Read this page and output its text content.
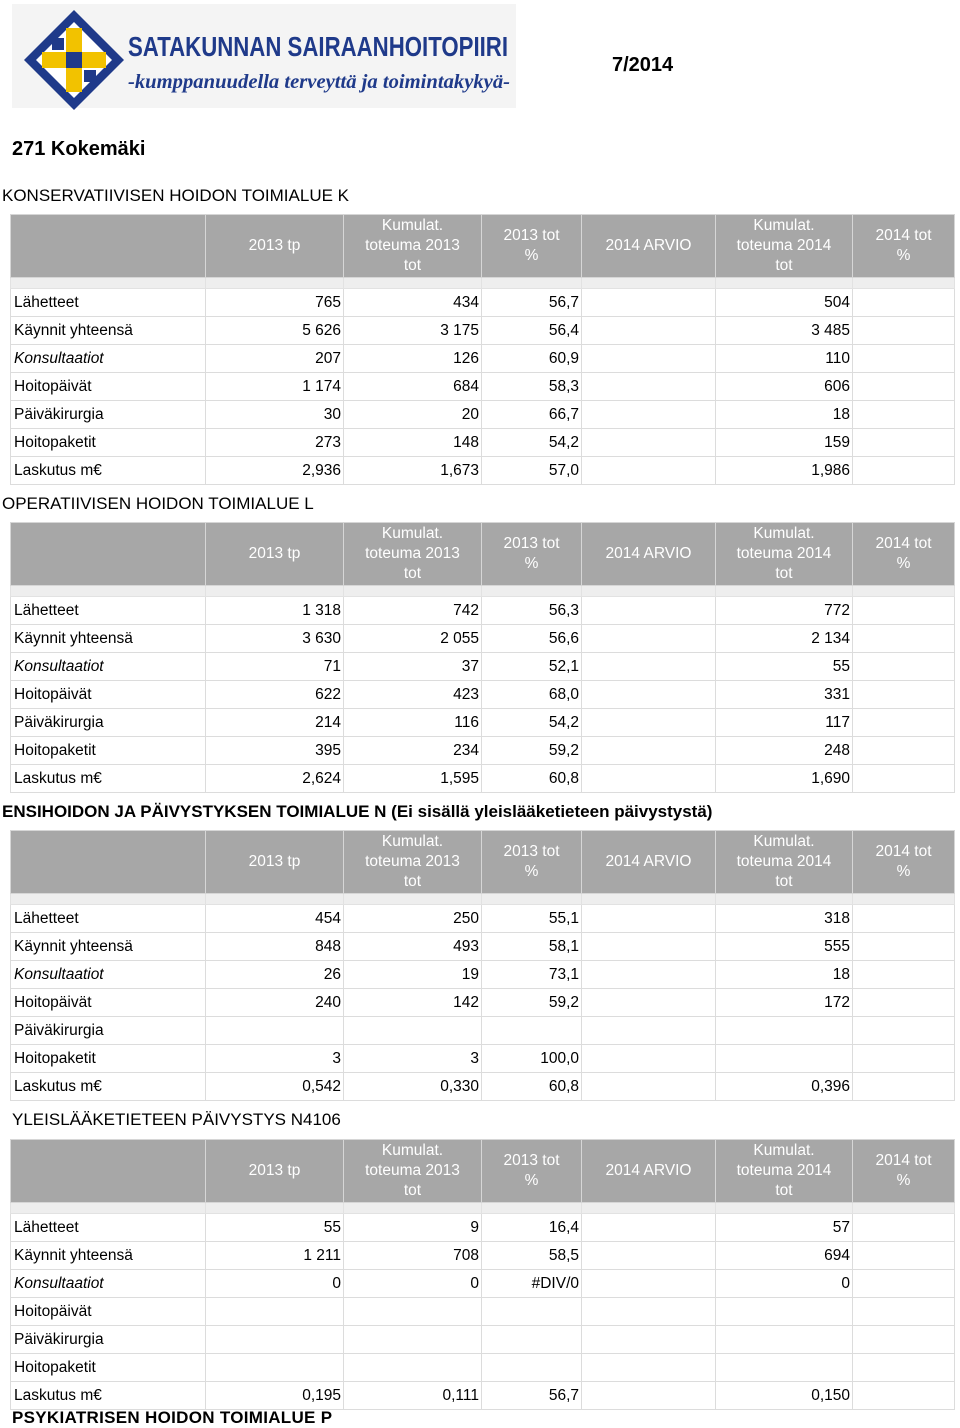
SATAKUNNAN SAIRAANHOITOPIIRI
-kumppanuudella terveyttä ja toimintakykyä-
7/2014
271 Kokemäki
KONSERVATIIVISEN HOIDON TOIMIALUE K
	2013 tp	Kumulat.
toteuma 2013
tot	2013 tot
%	2014 ARVIO	Kumulat.
toteuma 2014
tot	2014 tot
%

Lähetteet	765	434	56,7		504	
Käynnit yhteensä	5 626	3 175	56,4		3 485	
Konsultaatiot	207	126	60,9		110	
Hoitopäivät	1 174	684	58,3		606	
Päiväkirurgia	30	20	66,7		18	
Hoitopaketit	273	148	54,2		159	
Laskutus m€	2,936	1,673	57,0		1,986	
OPERATIIVISEN HOIDON TOIMIALUE L
	2013 tp	Kumulat.
toteuma 2013
tot	2013 tot
%	2014 ARVIO	Kumulat.
toteuma 2014
tot	2014 tot
%

Lähetteet	1 318	742	56,3		772	
Käynnit yhteensä	3 630	2 055	56,6		2 134	
Konsultaatiot	71	37	52,1		55	
Hoitopäivät	622	423	68,0		331	
Päiväkirurgia	214	116	54,2		117	
Hoitopaketit	395	234	59,2		248	
Laskutus m€	2,624	1,595	60,8		1,690	
ENSIHOIDON JA PÄIVYSTYKSEN TOIMIALUE N (Ei sisällä yleislääketieteen päivystystä)
	2013 tp	Kumulat.
toteuma 2013
tot	2013 tot
%	2014 ARVIO	Kumulat.
toteuma 2014
tot	2014 tot
%

Lähetteet	454	250	55,1		318	
Käynnit yhteensä	848	493	58,1		555	
Konsultaatiot	26	19	73,1		18	
Hoitopäivät	240	142	59,2		172	
Päiväkirurgia						
Hoitopaketit	3	3	100,0			
Laskutus m€	0,542	0,330	60,8		0,396	
YLEISLÄÄKETIETEEN PÄIVYSTYS N4106
	2013 tp	Kumulat.
toteuma 2013
tot	2013 tot
%	2014 ARVIO	Kumulat.
toteuma 2014
tot	2014 tot
%

Lähetteet	55	9	16,4		57	
Käynnit yhteensä	1 211	708	58,5		694	
Konsultaatiot	0	0	#DIV/0		0	
Hoitopäivät						
Päiväkirurgia						
Hoitopaketit						
Laskutus m€	0,195	0,111	56,7		0,150	
PSYKIATRISEN HOIDON TOIMIALUE P
